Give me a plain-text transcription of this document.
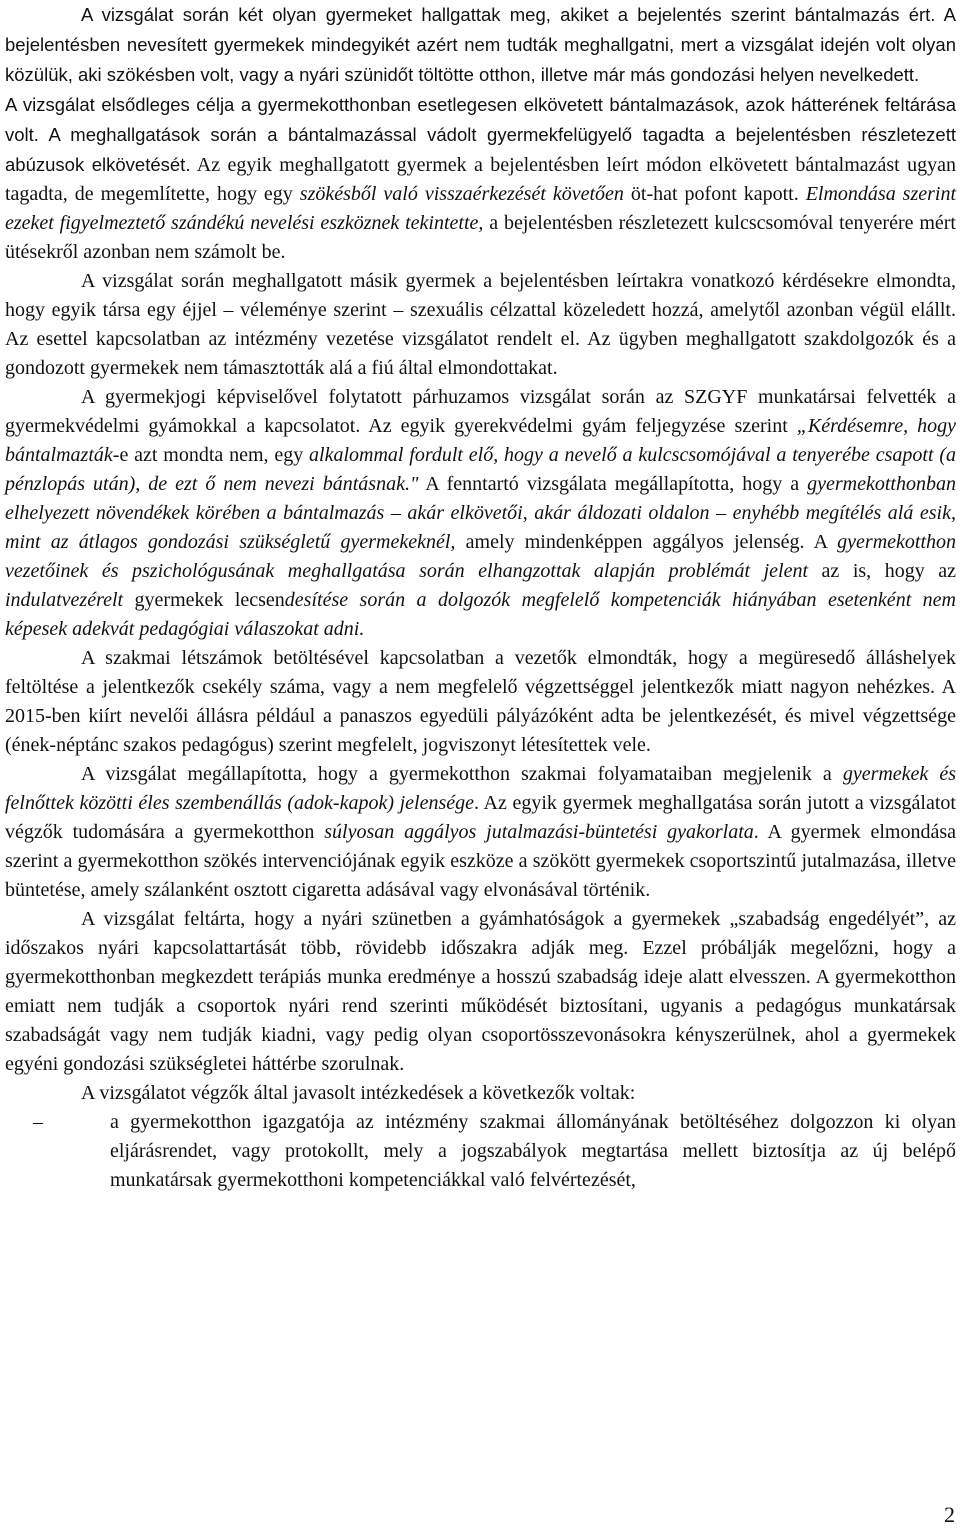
A vizsgálat során két olyan gyermeket hallgattak meg, akiket a bejelentés szerint bántalmazás ért. A bejelentésben nevesített gyermekek mindegyikét azért nem tudták meghallgatni, mert a vizsgálat idején volt olyan közülük, aki szökésben volt, vagy a nyári szünidőt töltötte otthon, illetve már más gondozási helyen nevelkedett.

A vizsgálat elsődleges célja a gyermekotthonban esetlegesen elkövetett bántalmazások, azok hátterének feltárása volt. A meghallgatások során a bántalmazással vádolt gyermekfelügyelő tagadta a bejelentésben részletezett abúzusok elkövetését. Az egyik meghallgatott gyermek a bejelentésben leírt módon elkövetett bántalmazást ugyan tagadta, de megemlítette, hogy egy szökésből való visszaérkezését követően öt-hat pofont kapott. Elmondása szerint ezeket figyelmeztető szándékú nevelési eszköznek tekintette, a bejelentésben részletezett kulcscsomóval tenyerére mért ütésekről azonban nem számolt be.

A vizsgálat során meghallgatott másik gyermek a bejelentésben leírtakra vonatkozó kérdésekre elmondta, hogy egyik társa egy éjjel – véleménye szerint – szexuális célzattal közeledett hozzá, amelytől azonban végül elállt. Az esettel kapcsolatban az intézmény vezetése vizsgálatot rendelt el. Az ügyben meghallgatott szakdolgozók és a gondozott gyermekek nem támasztották alá a fiú által elmondottakat.

A gyermekjogi képviselővel folytatott párhuzamos vizsgálat során az SZGYF munkatársai felvették a gyermekvédelmi gyámokkal a kapcsolatot. Az egyik gyerekvédelmi gyám feljegyzése szerint „Kérdésemre, hogy bántalmazták-e azt mondta nem, egy alkalommal fordult elő, hogy a nevelő a kulcscsomójával a tenyerébe csapott (a pénzlopás után), de ezt ő nem nevezi bántásnak." A fenntartó vizsgálata megállapította, hogy a gyermekotthonban elhelyezett növendékek körében a bántalmazás – akár elkövetői, akár áldozati oldalon – enyhébb megítélés alá esik, mint az átlagos gondozási szükségletű gyermekeknél, amely mindenképpen aggályos jelenség. A gyermekotthon vezetőinek és pszichológusának meghallgatása során elhangzottak alapján problémát jelent az is, hogy az indulatvezérelt gyermekek lecsendesítése során a dolgozók megfelelő kompetenciák hiányában esetenként nem képesek adekvát pedagógiai válaszokat adni.

A szakmai létszámok betöltésével kapcsolatban a vezetők elmondták, hogy a megüresedő álláshelyek feltöltése a jelentkezők csekély száma, vagy a nem megfelelő végzettséggel jelentkezők miatt nagyon nehézkes. A 2015-ben kiírt nevelői állásra például a panaszos egyedüli pályázóként adta be jelentkezését, és mivel végzettsége (ének-néptánc szakos pedagógus) szerint megfelelt, jogviszonyt létesítettek vele.

A vizsgálat megállapította, hogy a gyermekotthon szakmai folyamataiban megjelenik a gyermekek és felnőttek közötti éles szembenállás (adok-kapok) jelensége. Az egyik gyermek meghallgatása során jutott a vizsgálatot végzők tudomására a gyermekotthon súlyosan aggályos jutalmazási-büntetési gyakorlata. A gyermek elmondása szerint a gyermekotthon szökés intervenciójának egyik eszköze a szökött gyermekek csoportszintű jutalmazása, illetve büntetése, amely szálanként osztott cigaretta adásával vagy elvonásával történik.

A vizsgálat feltárta, hogy a nyári szünetben a gyámhatóságok a gyermekek „szabadság engedélyét”, az időszakos nyári kapcsolattartását több, rövidebb időszakra adják meg. Ezzel próbálják megelőzni, hogy a gyermekotthonban megkezdett terápiás munka eredménye a hosszú szabadság ideje alatt elvesszen. A gyermekotthon emiatt nem tudják a csoportok nyári rend szerinti működését biztosítani, ugyanis a pedagógus munkatársak szabadságát vagy nem tudják kiadni, vagy pedig olyan csoportösszevonásokra kényszerülnek, ahol a gyermekek egyéni gondozási szükségletei háttérbe szorulnak.

A vizsgálatot végzők által javasolt intézkedések a következők voltak:

–	a gyermekotthon igazgatója az intézmény szakmai állományának betöltéséhez dolgozzon ki olyan eljárásrendet, vagy protokollt, mely a jogszabályok megtartása mellett biztosítja az új belépő munkatársak gyermekotthoni kompetenciákkal való felvértezését,
2
